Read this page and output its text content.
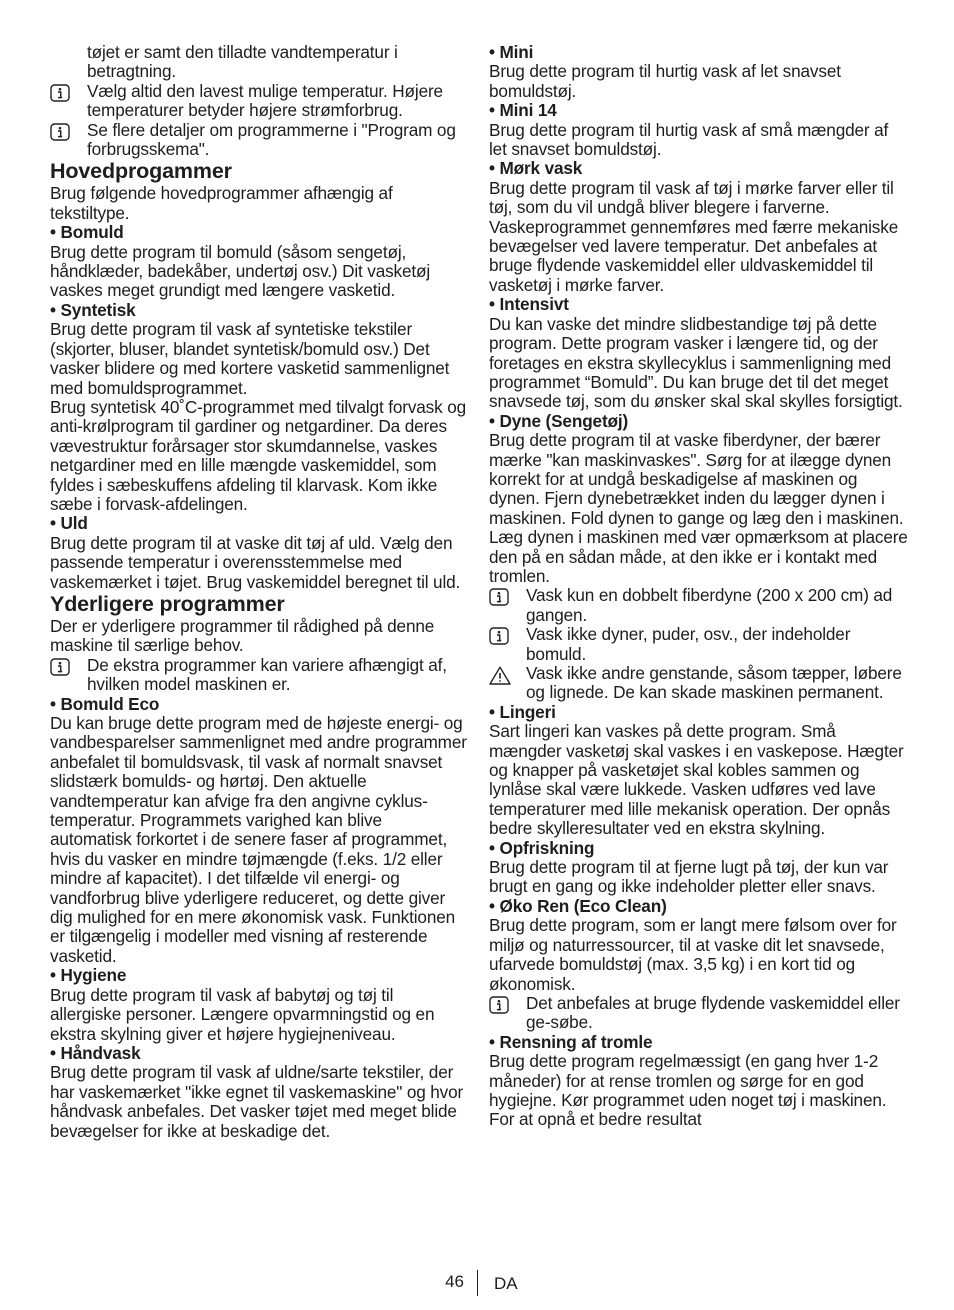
tøjet er samt den tilladte vandtemperatur i betragtning.

Vælg altid den lavest mulige temperatur. Højere temperaturer betyder højere strømforbrug.
Se flere detaljer om programmerne i "Program og forbrugsskema".
Hovedprogammer

Brug følgende hovedprogrammer afhængig af tekstiltype.

• Bomuld

Brug dette program til bomuld (såsom sengetøj, håndklæder, badekåber, undertøj osv.) Dit vasketøj vaskes meget grundigt med længere vasketid.

• Syntetisk

Brug dette program til vask af syntetiske tekstiler (skjorter, bluser, blandet syntetisk/bomuld osv.) Det vasker blidere og med kortere vasketid sammenlignet med bomuldsprogrammet.

Brug syntetisk 40˚C-programmet med tilvalgt forvask og anti-krølprogram til gardiner og netgardiner. Da deres vævestruktur forårsager stor skumdannelse, vaskes netgardiner med en lille mængde vaskemiddel, som fyldes i sæbeskuffens afdeling til klarvask. Kom ikke sæbe i forvask-afdelingen.

• Uld

Brug dette program til at vaske dit tøj af uld. Vælg den passende temperatur i overensstemmelse med vaskemærket i tøjet. Brug vaskemiddel beregnet til uld.

Yderligere programmer

Der er yderligere programmer til rådighed på denne maskine til særlige behov.

De ekstra programmer kan variere afhængigt af, hvilken model maskinen er.

• Bomuld Eco

Du kan bruge dette program med de højeste energi- og vandbesparelser sammenlignet med andre programmer anbefalet til bomuldsvask, til vask af normalt snavset slidstærk bomulds- og hørtøj. Den aktuelle vandtemperatur kan afvige fra den angivne cyklus-temperatur. Programmets varighed kan blive automatisk forkortet i de senere faser af programmet, hvis du vasker en mindre tøjmængde (f.eks. 1/2 eller mindre af kapacitet). I det tilfælde vil energi- og vandforbrug blive yderligere reduceret, og dette giver dig mulighed for en mere økonomisk vask. Funktionen er tilgængelig i modeller med visning af resterende vasketid.

• Hygiene

Brug dette program til vask af babytøj og tøj til allergiske personer. Længere opvarmningstid og en ekstra skylning giver et højere hygiejneniveau.

• Håndvask

Brug dette program til vask af uldne/sarte tekstiler, der har vaskemærket "ikke egnet til vaskemaskine" og hvor håndvask anbefales. Det vasker tøjet med meget blide bevægelser for ikke at beskadige det.

• Mini

Brug dette program til hurtig vask af let snavset bomuldstøj.

• Mini 14

Brug dette program til hurtig vask af små mængder af let snavset bomuldstøj.

• Mørk vask

Brug dette program til vask af tøj i mørke farver eller til tøj, som du vil undgå bliver blegere i farverne. Vaskeprogrammet gennemføres med færre mekaniske bevægelser ved lavere temperatur. Det anbefales at bruge flydende vaskemiddel eller uldvaskemiddel til vasketøj i mørke farver.

• Intensivt

Du kan vaske det mindre slidbestandige tøj på dette program. Dette program vasker i længere tid, og der foretages en ekstra skyllecyklus i sammenligning med programmet “Bomuld”. Du kan bruge det til det meget snavsede tøj, som du ønsker skal skal skylles forsigtigt.

• Dyne (Sengetøj)

Brug dette program til at vaske fiberdyner, der bærer mærke "kan maskinvaskes". Sørg for at ilægge dynen korrekt for at undgå beskadigelse af maskinen og dynen. Fjern dynebetrækket inden du lægger dynen i maskinen. Fold dynen to gange og læg den i maskinen. Læg dynen i maskinen med vær opmærksom at placere den på en sådan måde, at den ikke er i kontakt med tromlen.

Vask kun en dobbelt fiberdyne (200 x 200 cm) ad gangen.
Vask ikke dyner, puder, osv., der indeholder bomuld.
Vask ikke andre genstande, såsom tæpper, løbere og lignede. De kan skade maskinen permanent.

• Lingeri

Sart lingeri kan vaskes på dette program. Små mængder vasketøj skal vaskes i en vaskepose. Hægter og knapper på vasketøjet skal kobles sammen og lynlåse skal være lukkede. Vasken udføres ved lave temperaturer med lille mekanisk operation. Der opnås bedre skylleresultater ved en ekstra skylning.

• Opfriskning

Brug dette program til at fjerne lugt på tøj, der kun var brugt en gang og ikke indeholder pletter eller snavs.

• Øko Ren (Eco Clean)

Brug dette program, som er langt mere følsom over for miljø og naturressourcer, til at vaske dit let snavsede, ufarvede bomuldstøj (max. 3,5 kg) i en kort tid og økonomisk.

Det anbefales at bruge flydende vaskemiddel eller ge-søbe.

• Rensning af tromle

Brug dette program regelmæssigt (en gang hver 1-2 måneder) for at rense tromlen og sørge for en god hygiejne. Kør programmet uden noget tøj i maskinen. For at opnå et bedre resultat

46 DA
